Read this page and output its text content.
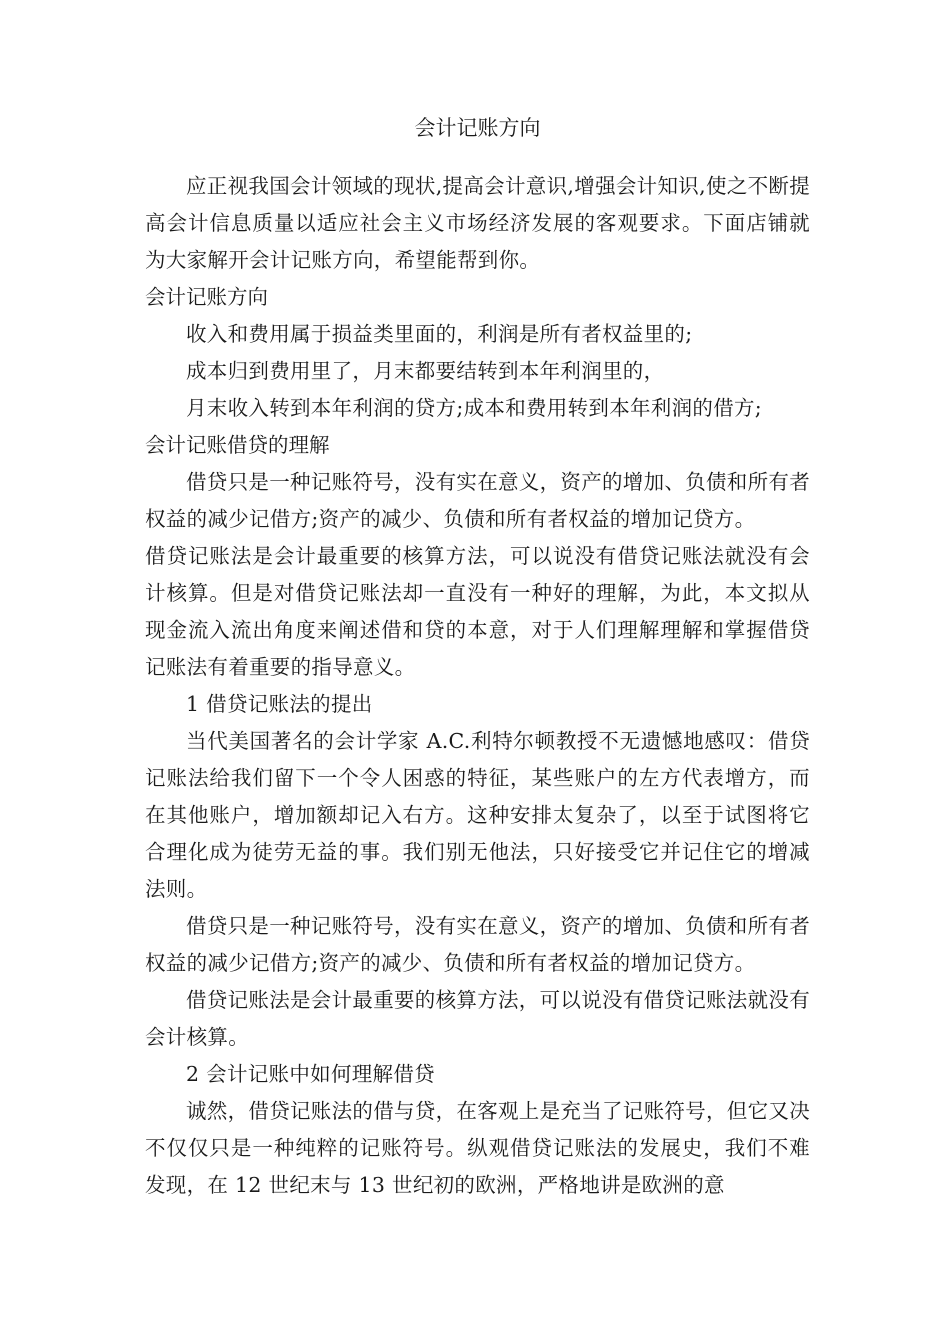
会计记账方向

应正视我国会计领域的现状,提高会计意识,增强会计知识,使之不断提高会计信息质量以适应社会主义市场经济发展的客观要求。下面店铺就为大家解开会计记账方向，希望能帮到你。

会计记账方向

收入和费用属于损益类里面的，利润是所有者权益里的;

成本归到费用里了，月末都要结转到本年利润里的，

月末收入转到本年利润的贷方;成本和费用转到本年利润的借方;

会计记账借贷的理解

借贷只是一种记账符号，没有实在意义，资产的增加、负债和所有者权益的减少记借方;资产的减少、负债和所有者权益的增加记贷方。

借贷记账法是会计最重要的核算方法，可以说没有借贷记账法就没有会计核算。但是对借贷记账法却一直没有一种好的理解，为此，本文拟从现金流入流出角度来阐述借和贷的本意，对于人们理解理解和掌握借贷记账法有着重要的指导意义。

1 借贷记账法的提出

当代美国著名的会计学家 A.C.利特尔顿教授不无遗憾地感叹：借贷记账法给我们留下一个令人困惑的特征，某些账户的左方代表增方，而在其他账户，增加额却记入右方。这种安排太复杂了，以至于试图将它合理化成为徒劳无益的事。我们别无他法，只好接受它并记住它的增减法则。

借贷只是一种记账符号，没有实在意义，资产的增加、负债和所有者权益的减少记借方;资产的减少、负债和所有者权益的增加记贷方。

借贷记账法是会计最重要的核算方法，可以说没有借贷记账法就没有会计核算。

2 会计记账中如何理解借贷

诚然，借贷记账法的借与贷，在客观上是充当了记账符号，但它又决不仅仅只是一种纯粹的记账符号。纵观借贷记账法的发展史，我们不难发现，在 12 世纪末与 13 世纪初的欧洲，严格地讲是欧洲的意
